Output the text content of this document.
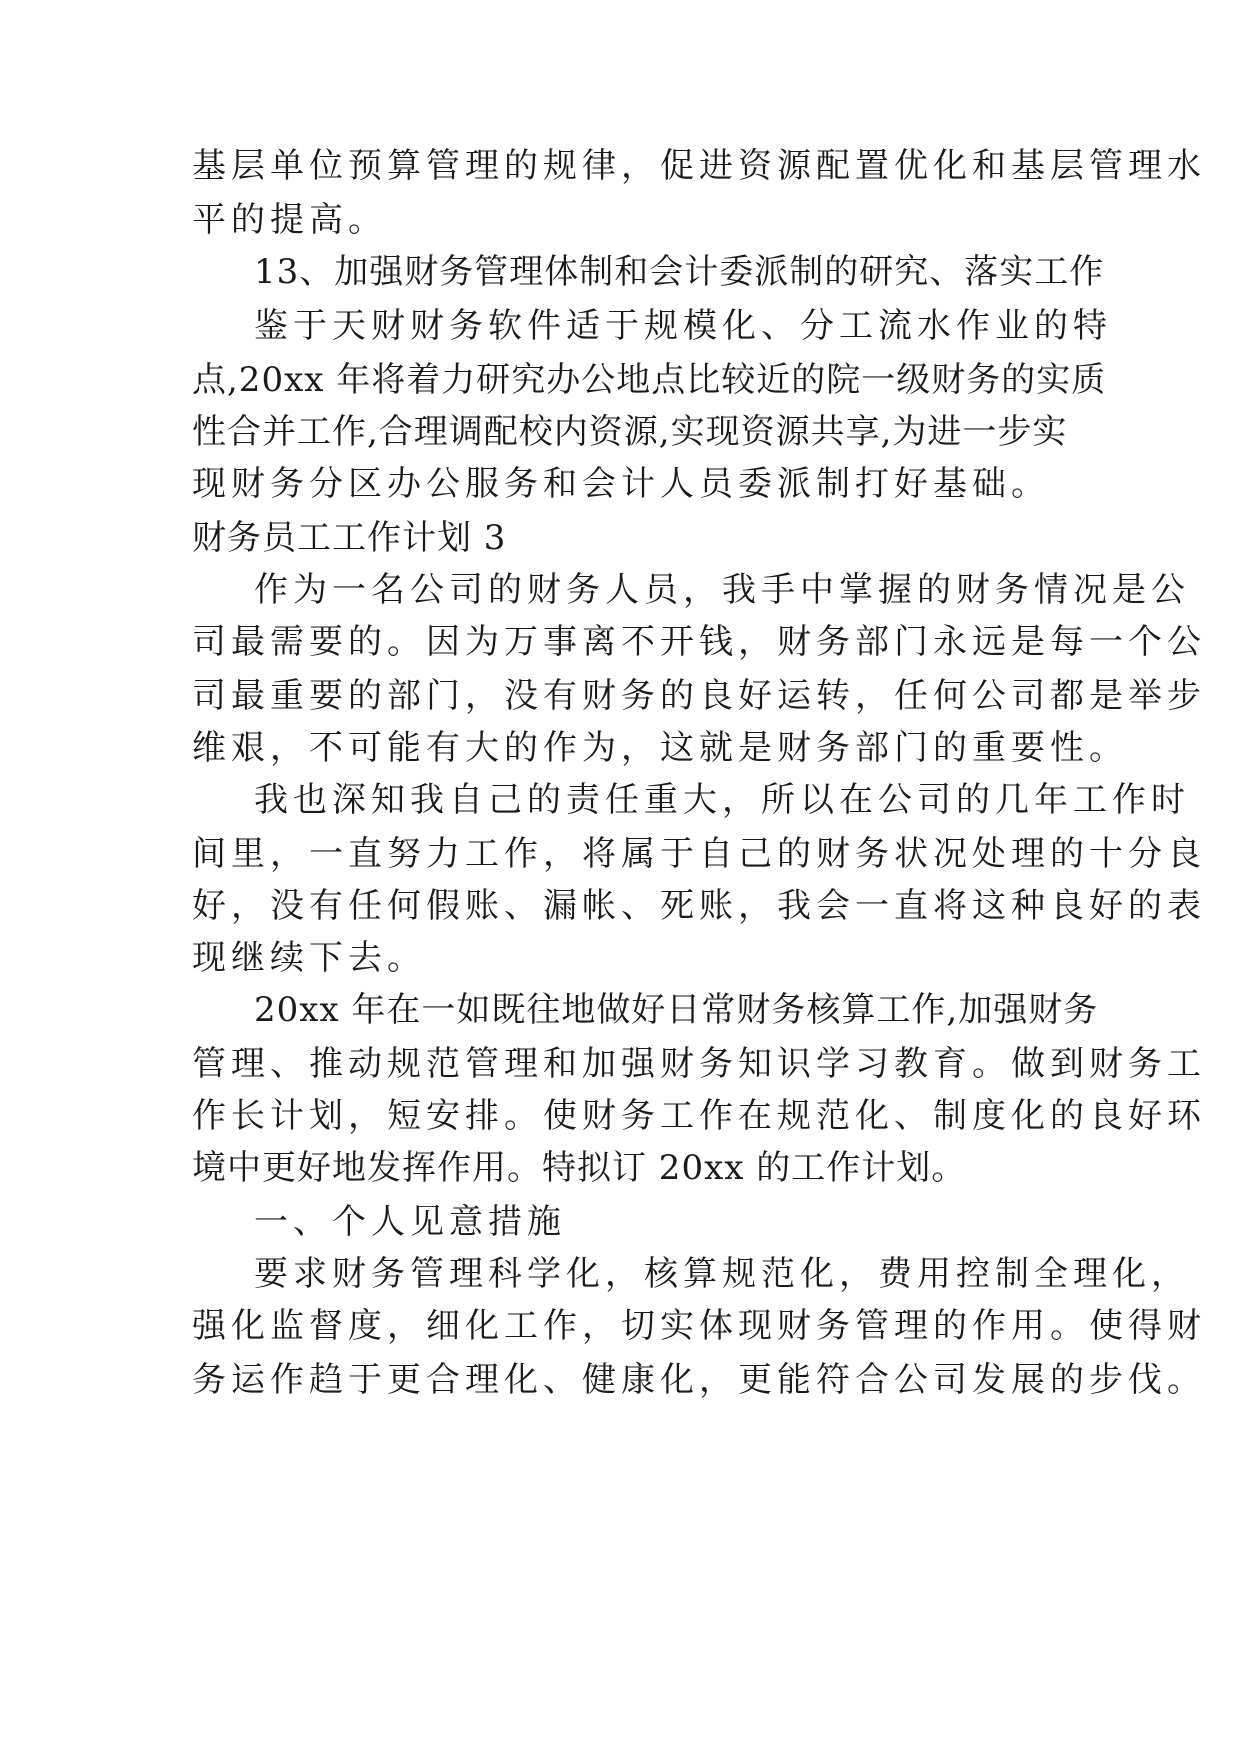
基层单位预算管理的规律，促进资源配置优化和基层管理水
平的提高。
13、加强财务管理体制和会计委派制的研究、落实工作
鉴于天财财务软件适于规模化、分工流水作业的特
点,20xx 年将着力研究办公地点比较近的院一级财务的实质
性合并工作,合理调配校内资源,实现资源共享,为进一步实
现财务分区办公服务和会计人员委派制打好基础。
财务员工工作计划 3
作为一名公司的财务人员，我手中掌握的财务情况是公
司最需要的。因为万事离不开钱，财务部门永远是每一个公
司最重要的部门，没有财务的良好运转，任何公司都是举步
维艰，不可能有大的作为，这就是财务部门的重要性。
我也深知我自己的责任重大，所以在公司的几年工作时
间里，一直努力工作，将属于自己的财务状况处理的十分良
好，没有任何假账、漏帐、死账，我会一直将这种良好的表
现继续下去。
20xx 年在一如既往地做好日常财务核算工作,加强财务
管理、推动规范管理和加强财务知识学习教育。做到财务工
作长计划，短安排。使财务工作在规范化、制度化的良好环
境中更好地发挥作用。特拟订 20xx 的工作计划。
一、个人见意措施
要求财务管理科学化，核算规范化，费用控制全理化，
强化监督度，细化工作，切实体现财务管理的作用。使得财
务运作趋于更合理化、健康化，更能符合公司发展的步伐。
